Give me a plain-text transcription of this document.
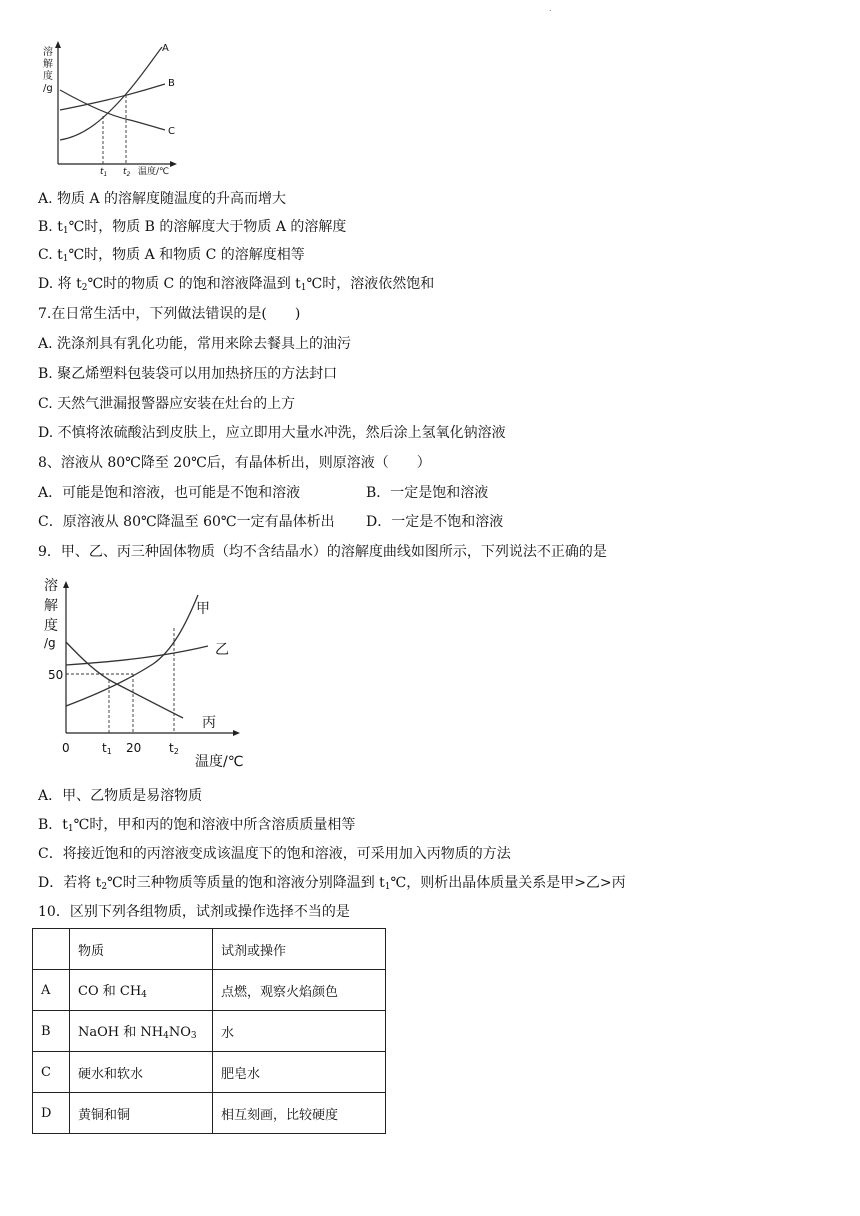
.
溶
解
度
/g
A
B
C
$t_1$ $t_2$ 温度/℃
A. 物质 A 的溶解度随温度的升高而增大
B. $t_1℃$时，物质 B 的溶解度大于物质 A 的溶解度
C. $t_1℃$时，物质 A 和物质 C 的溶解度相等
D. 将 $t_2℃$时的物质 C 的饱和溶液降温到 $t_1℃$时，溶液依然饱和
7.在日常生活中，下列做法错误的是(　　)
A. 洗涤剂具有乳化功能，常用来除去餐具上的油污
B. 聚乙烯塑料包装袋可以用加热挤压的方法封口
C. 天然气泄漏报警器应安装在灶台的上方
D. 不慎将浓硫酸沾到皮肤上，应立即用大量水冲洗，然后涂上氢氧化钠溶液
8、溶液从 80℃降至 20℃后，有晶体析出，则原溶液（　　）
A．可能是饱和溶液，也可能是不饱和溶液	B．一定是饱和溶液
C．原溶液从 80℃降温至 60℃一定有晶体析出 D．一定是不饱和溶液
9．甲、乙、丙三种固体物质（均不含结晶水）的溶解度曲线如图所示，下列说法不正确的是
溶
解
度
/g
甲
乙
丙
50
0	t1 20 t2
温度/℃
A．甲、乙物质是易溶物质
B．$t_1℃$时，甲和丙的饱和溶液中所含溶质质量相等
C．将接近饱和的丙溶液变成该温度下的饱和溶液，可采用加入丙物质的方法
D．若将 $t_2℃$时三种物质等质量的饱和溶液分别降温到 $t_1℃$，则析出晶体质量关系是甲>乙>丙
10．区别下列各组物质，试剂或操作选择不当的是
	物质	试剂或操作
A	CO 和 $CH_4$	点燃，观察火焰颜色
B	NaOH 和 $NH_4NO_3$	水
C	硬水和软水	肥皂水
D	黄铜和铜	相互刻画，比较硬度
